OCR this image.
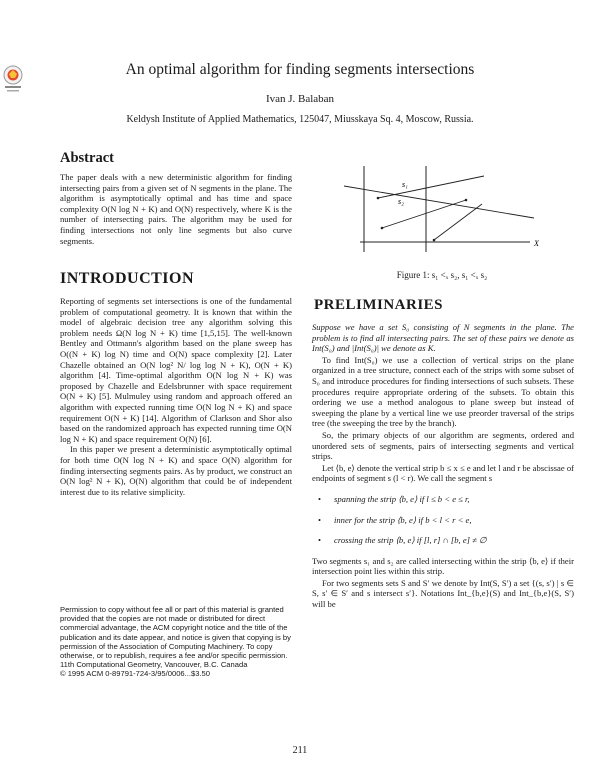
An optimal algorithm for finding segments intersections
Ivan J. Balaban
Keldysh Institute of Applied Mathematics, 125047, Miusskaya Sq. 4, Moscow, Russia.
Abstract
The paper deals with a new deterministic algorithm for finding intersecting pairs from a given set of N segments in the plane. The algorithm is asymptotically optimal and has time and space complexity O(N log N + K) and O(N) respectively, where K is the number of intersecting pairs. The algorithm may be used for finding intersections not only line segments but also curve segments.
INTRODUCTION

Reporting of segments set intersections is one of the fundamental problem of computational geometry. It is known that within the model of algebraic decision tree any algorithm solving this problem needs Ω(N log N + K) time [1,5,15]. The well-known Bentley and Ottmann's algorithm based on the plane sweep has O((N + K) log N) time and O(N) space complexity [2]. Later Chazelle obtained an O(N log² N/ log log N + K), O(N + K) algorithm [4]. Time-optimal algorithm O(N log N + K) was proposed by Chazelle and Edelsbrunner with space requirement O(N + K) [5]. Mulmuley using random and approach offered an algorithm with expected running time O(N log N + K) and space requirement O(N + K) [14]. Algorithm of Clarkson and Shor also based on the randomized approach has expected running time O(N log N + K) and space requirement O(N) [6].

In this paper we present a deterministic asymptotically optimal for both time O(N log N + K) and space O(N) algorithm for finding intersecting segments pairs. As by product, we construct an O(N log² N + K), O(N) algorithm that could be of independent interest due to its relative simplicity.

Permission to copy without fee all or part of this material is granted provided that the copies are not made or distributed for direct commercial advantage, the ACM copyright notice and the title of the publication and its date appear, and notice is given that copying is by permission of the Association of Computing Machinery. To copy otherwise, or to republish, requires a fee and/or specific permission.

11th Computational Geometry, Vancouver, B.C. Canada

© 1995 ACM 0-89791-724-3/95/0006...$3.50

s₁
s₂
X
Figure 1: s₁ <ₓ s₂, s₁ <ₓ s₂
PRELIMINARIES

Suppose we have a set S₀ consisting of N segments in the plane. The problem is to find all intersecting pairs. The set of these pairs we denote as Int(S₀) and |Int(S₀)| we denote as K.

To find Int(S₀) we use a collection of vertical strips on the plane organized in a tree structure, connect each of the strips with some subset of S₀ and introduce procedures for finding intersections of such subsets. These procedures require appropriate ordering of the subsets. To obtain this ordering we use a method analogous to plane sweep but instead of sweeping the plane by a vertical line we use preorder traversal of the strips tree (the sweeping the tree by the branch).

So, the primary objects of our algorithm are segments, ordered and unordered sets of segments, pairs of intersecting segments and vertical strips.

Let ⟨b, e⟩ denote the vertical strip b ≤ x ≤ e and let l and r be abscissae of endpoints of segment s (l < r). We call the segment s

• spanning the strip ⟨b, e⟩ if l ≤ b < e ≤ r,
• inner for the strip ⟨b, e⟩ if b < l < r < e,
• crossing the strip ⟨b, e⟩ if [l, r] ∩ [b, e] ≠ ∅

Two segments s₁ and s₂ are called intersecting within the strip ⟨b, e⟩ if their intersection point lies within this strip.

For two segments sets S and S′ we denote by Int(S, S′) a set {(s, s′) | s ∈ S, s′ ∈ S′ and s intersect s′}. Notations Int_{b,e}(S) and Int_{b,e}(S, S′) will be

211
